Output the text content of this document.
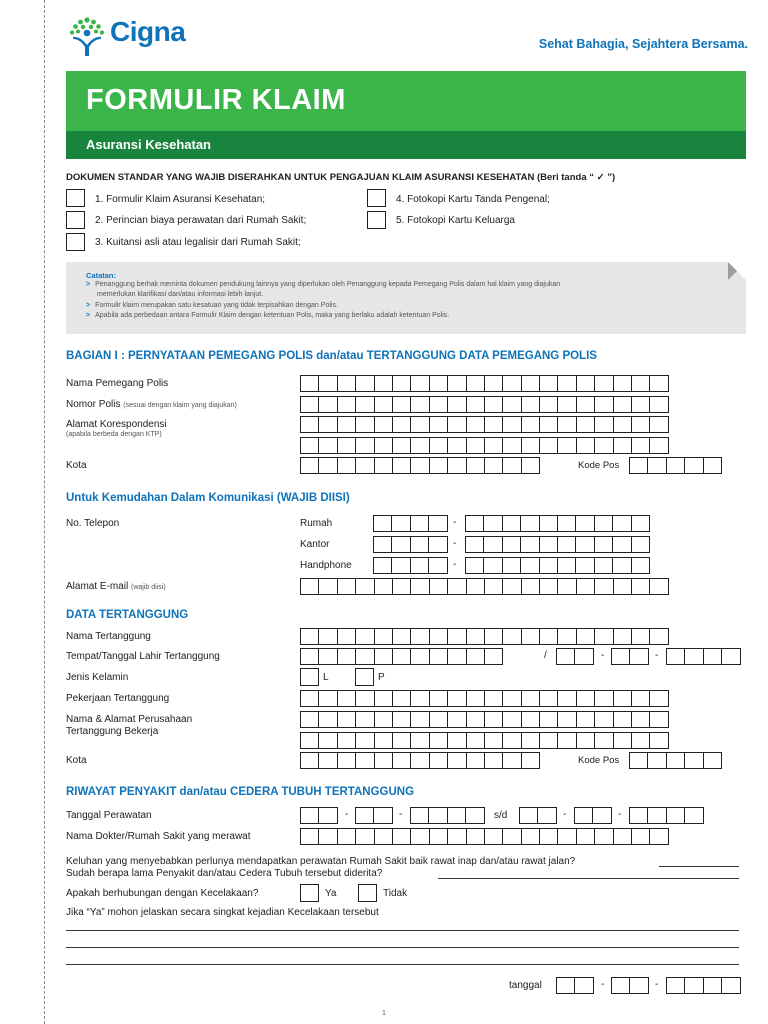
Cigna	Sehat Bahagia, Sejahtera Bersama.
FORMULIR KLAIM
Asuransi Kesehatan
DOKUMEN STANDAR YANG WAJIB DISERAHKAN UNTUK PENGAJUAN KLAIM ASURANSI KESEHATAN (Beri tanda “ ✓ ”)
1. Formulir Klaim Asuransi Kesehatan;
2. Perincian biaya perawatan dari Rumah Sakit;
3. Kuitansi asli atau legalisir dari Rumah Sakit;
4. Fotokopi Kartu Tanda Pengenal;
5. Fotokopi Kartu Keluarga
Catatan:
> Penanggung berhak meminta dokumen pendukung lainnya yang diperlukan oleh Penanggung kepada Pemegang Polis dalam hal klaim yang diajukan
memerlukan klarifikasi dan/atau informasi lebih lanjut.
> Formulir klaim merupakan satu kesatuan yang tidak terpisahkan dengan Polis.
> Apabila ada perbedaan antara Formulir Klaim dengan ketentuan Polis, maka yang berlaku adalah ketentuan Polis.
BAGIAN I : PERNYATAAN PEMEGANG POLIS dan/atau TERTANGGUNG DATA PEMEGANG POLIS
Nama Pemegang Polis
Nomor Polis (sesuai dengan klaim yang diajukan)
Alamat Korespondensi
(apabila berbeda dengan KTP)
Kota	Kode Pos
Untuk Kemudahan Dalam Komunikasi (WAJIB DIISI)
No. Telepon	Rumah	-
Kantor	-
Handphone	-
Alamat E-mail (wajib diisi)
DATA TERTANGGUNG
Nama Tertanggung
Tempat/Tanggal Lahir Tertanggung	/	-	-
Jenis Kelamin	L	P
Pekerjaan Tertanggung
Nama & Alamat Perusahaan
Tertanggung Bekerja
Kota	Kode Pos
RIWAYAT PENYAKIT dan/atau CEDERA TUBUH TERTANGGUNG
Tanggal Perawatan	-	-	s/d	-	-
Nama Dokter/Rumah Sakit yang merawat
Keluhan yang menyebabkan perlunya mendapatkan perawatan Rumah Sakit baik rawat inap dan/atau rawat jalan?
Sudah berapa lama Penyakit dan/atau Cedera Tubuh tersebut diderita?
Apakah berhubungan dengan Kecelakaan?	Ya	Tidak
Jika “Ya” mohon jelaskan secara singkat kejadian Kecelakaan tersebut
tanggal	-	-
1
